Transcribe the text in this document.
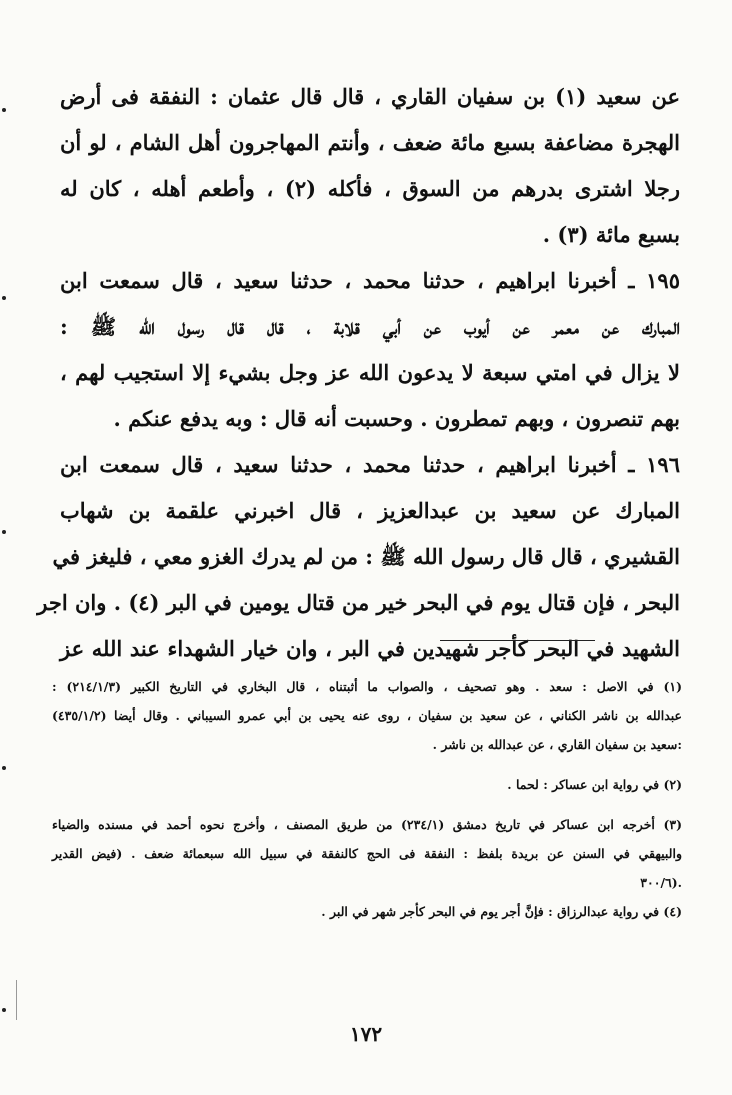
عن سعيد (١) بن سفيان القاري ، قال قال عثمان : النفقة فى أرض
الهجرة مضاعفة بسبع مائة ضعف ، وأنتم المهاجرون أهل الشام ، لو أن
رجلا اشترى بدرهم من السوق ، فأكله (٢) ، وأطعم أهله ، كان له
بسبع مائة (٣) .
١٩٥ ـ أخبرنا ابراهيم ، حدثنا محمد ، حدثنا سعيد ، قال سمعت ابن
المبارك عن معمر عن أيوب عن أبي قلابة ، قال قال رسول الله ﷺ :
لا يزال في امتي سبعة لا يدعون الله عز وجل بشيء إلا استجيب لهم ،
بهم تنصرون ، وبهم تمطرون . وحسبت أنه قال : وبه يدفع عنكم .
١٩٦ ـ أخبرنا ابراهيم ، حدثنا محمد ، حدثنا سعيد ، قال سمعت ابن
المبارك عن سعيد بن عبدالعزيز ، قال اخبرني علقمة بن شهاب
القشيري ، قال قال رسول الله ﷺ : من لم يدرك الغزو معي ، فليغز في
البحر ، فإن قتال يوم في البحر خير من قتال يومين في البر (٤) . وان اجر
الشهيد في البحر كأجر شهيدين في البر ، وان خيار الشهداء عند الله عز
(١) في الاصل : سعد . وهو تصحيف ، والصواب ما أثبتناه ، قال البخاري في التاريخ الكبير (٢١٤/١/٣) :
عبدالله بن ناشر الكناني ، عن سعيد بن سفيان ، روى عنه يحيى بن أبي عمرو السيباني . وقال أيضا (٤٣٥/١/٢)
:سعيد بن سفيان القاري ، عن عبدالله بن ناشر .
(٢) في رواية ابن عساكر : لحما .
(٣) أخرجه ابن عساكر في تاريخ دمشق (٢٣٤/١) من طريق المصنف ، وأخرج نحوه أحمد في مسنده والضياء
والبيهقي في السنن عن بريدة بلفظ : النفقة فى الحج كالنفقة في سبيل الله سبعمائة ضعف . (فيض القدير
.(٣٠٠/٦
(٤) في رواية عبدالرزاق : فإنَّ أجر يوم في البحر كأجر شهر في البر .
١٧٢
